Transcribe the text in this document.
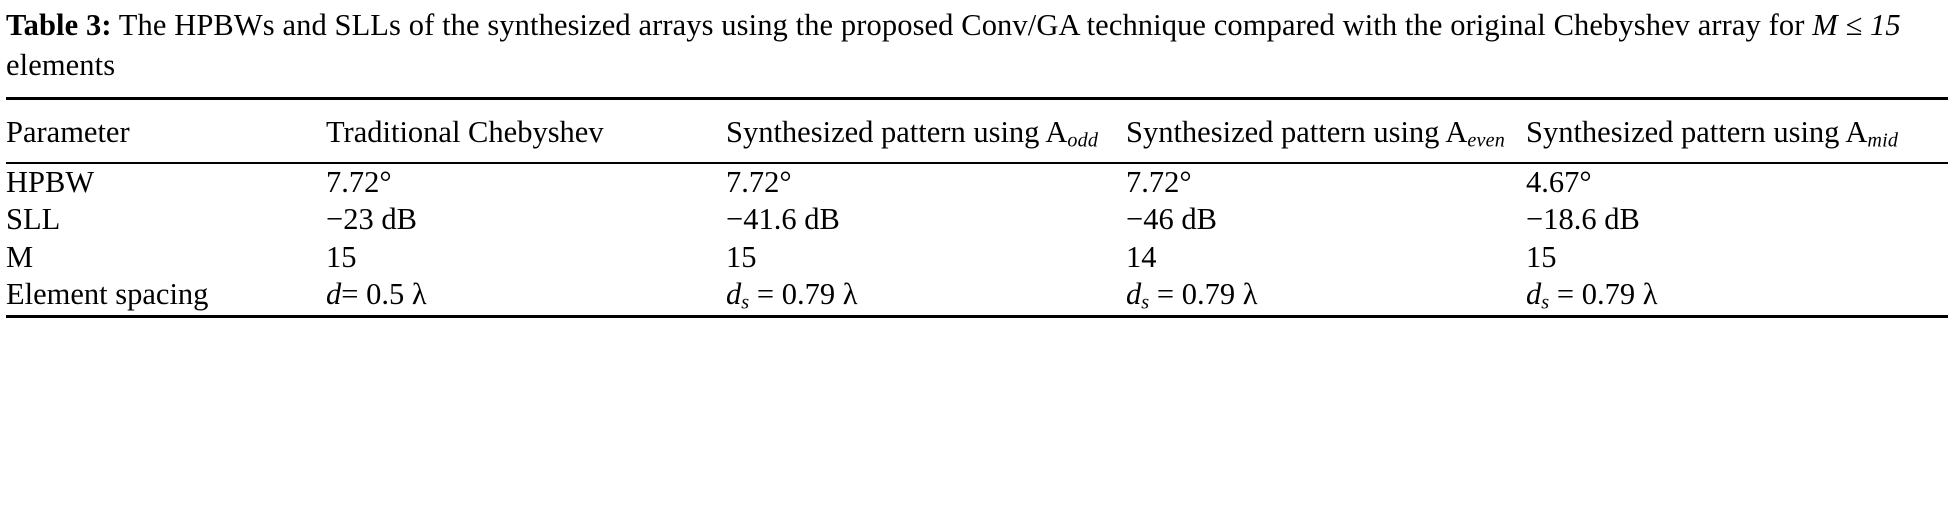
Table 3: The HPBWs and SLLs of the synthesized arrays using the proposed Conv/GA technique compared with the original Chebyshev array for M ≤ 15 elements
Parameter	Traditional Chebyshev	Synthesized pattern using $A_{odd}$	Synthesized pattern using $A_{even}$	Synthesized pattern using $A_{mid}$

HPBW	7.72°	7.72°	7.72°	4.67°
SLL	−23 dB	−41.6 dB	−46 dB	−18.6 dB
M	15	15	14	15
Element spacing	d= 0.5 λ	$d_s = 0.79$ λ	$d_s = 0.79$ λ	$d_s = 0.79$ λ
